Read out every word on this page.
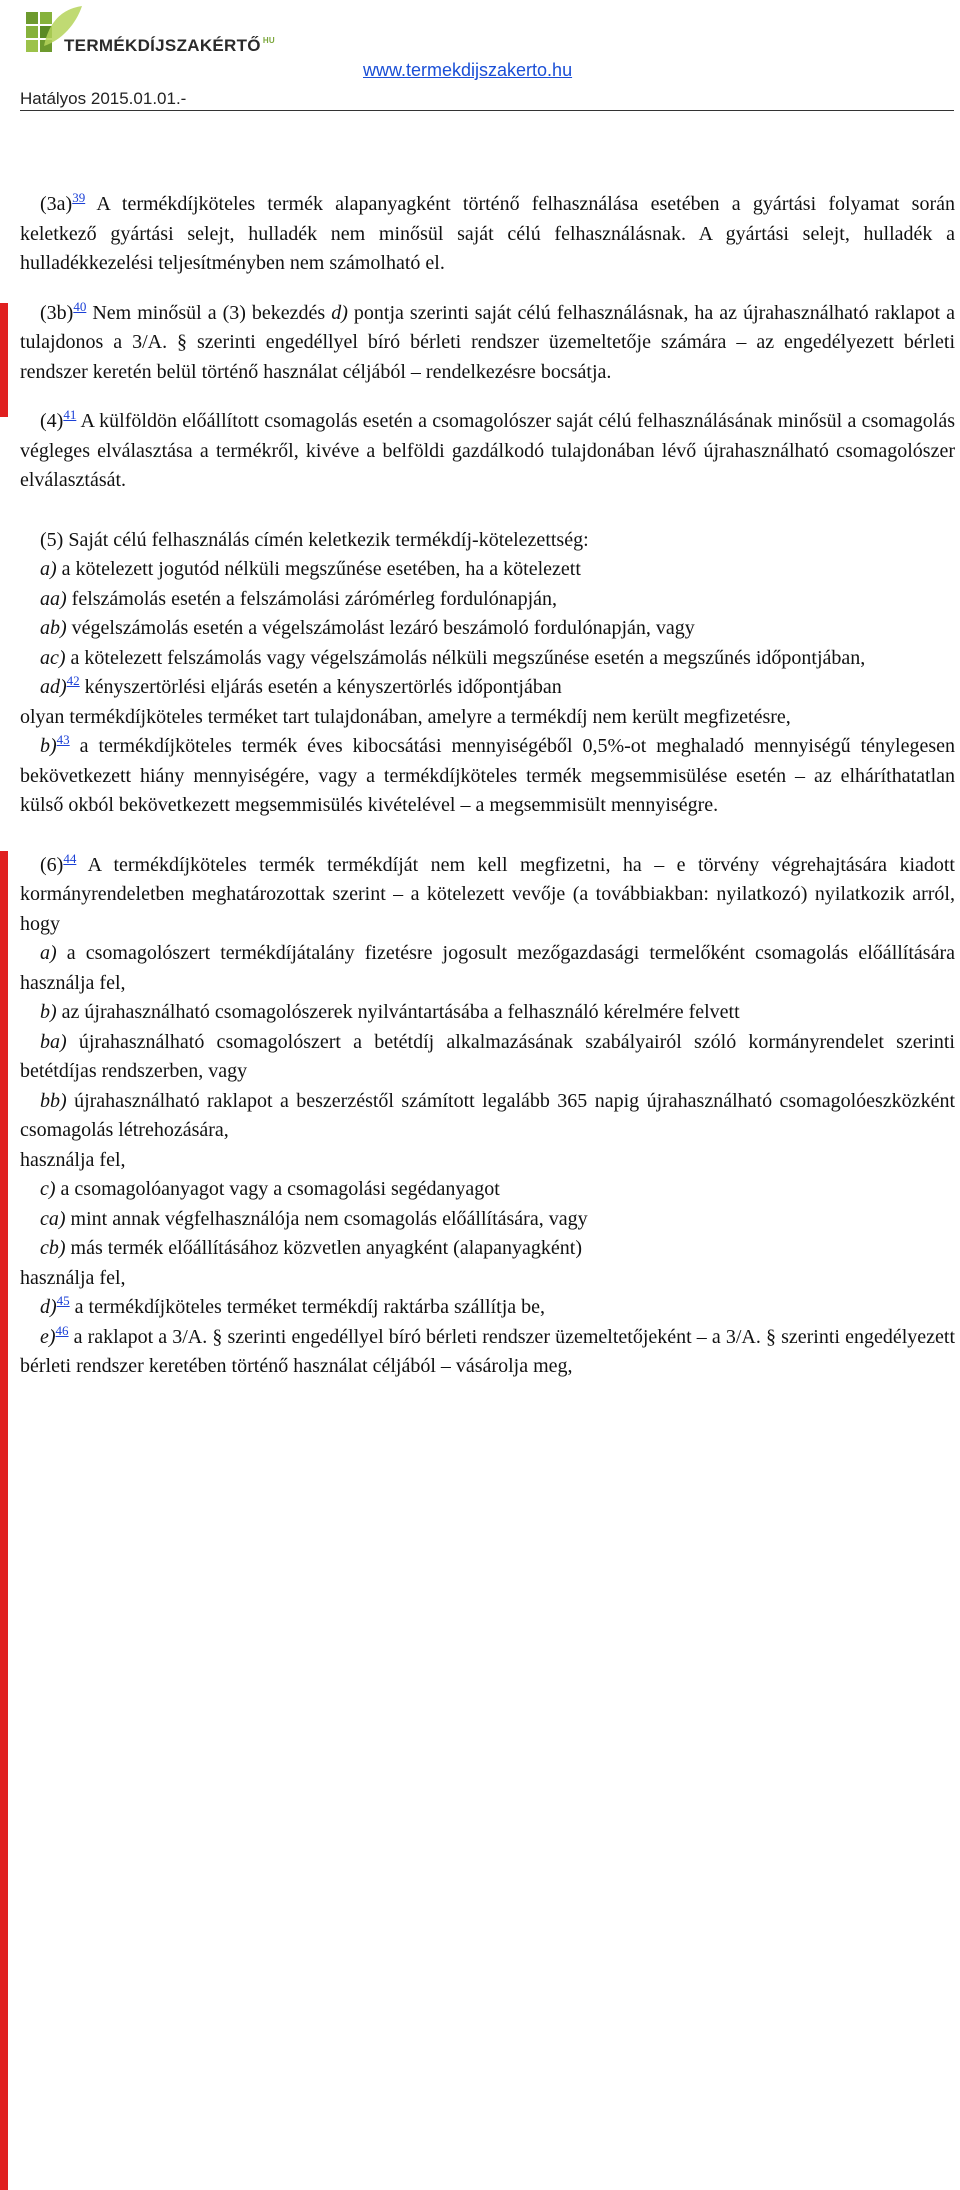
TERMÉKDÍJSZAKÉRTŐ $^{HU}$
www.termekdijszakerto.hu
Hatályos 2015.01.01.-

$(3a)^{39}$ A termékdíjköteles termék alapanyagként történő felhasználása esetében a gyártási folyamat során keletkező gyártási selejt, hulladék nem minősül saját célú felhasználásnak. A gyártási selejt, hulladék a hulladékkezelési teljesítményben nem számolható el.

$(3b)^{40}$ Nem minősül a (3) bekezdés d) pontja szerinti saját célú felhasználásnak, ha az újrahasználható raklapot a tulajdonos a 3/A. § szerinti engedéllyel bíró bérleti rendszer üzemeltetője számára – az engedélyezett bérleti rendszer keretén belül történő használat céljából – rendelkezésre bocsátja.

$(4)^{41}$ A külföldön előállított csomagolás esetén a csomagolószer saját célú felhasználásának minősül a csomagolás végleges elválasztása a termékről, kivéve a belföldi gazdálkodó tulajdonában lévő újrahasználható csomagolószer elválasztását.

(5) Saját célú felhasználás címén keletkezik termékdíj-kötelezettség:

a) a kötelezett jogutód nélküli megszűnése esetében, ha a kötelezett

aa) felszámolás esetén a felszámolási zárómérleg fordulónapján,

ab) végelszámolás esetén a végelszámolást lezáró beszámoló fordulónapján, vagy

ac) a kötelezett felszámolás vagy végelszámolás nélküli megszűnése esetén a megszűnés időpontjában,

ad)$^{42}$ kényszertörlési eljárás esetén a kényszertörlés időpontjában

olyan termékdíjköteles terméket tart tulajdonában, amelyre a termékdíj nem került megfizetésre,

b)$^{43}$ a termékdíjköteles termék éves kibocsátási mennyiségéből 0,5%-ot meghaladó mennyiségű ténylegesen bekövetkezett hiány mennyiségére, vagy a termékdíjköteles termék megsemmisülése esetén – az elháríthatatlan külső okból bekövetkezett megsemmisülés kivételével – a megsemmisült mennyiségre.

$(6)^{44}$ A termékdíjköteles termék termékdíját nem kell megfizetni, ha – e törvény végrehajtására kiadott kormányrendeletben meghatározottak szerint – a kötelezett vevője (a továbbiakban: nyilatkozó) nyilatkozik arról, hogy

a) a csomagolószert termékdíjátalány fizetésre jogosult mezőgazdasági termelőként csomagolás előállítására használja fel,

b) az újrahasználható csomagolószerek nyilvántartásába a felhasználó kérelmére felvett

ba) újrahasználható csomagolószert a betétdíj alkalmazásának szabályairól szóló kormányrendelet szerinti betétdíjas rendszerben, vagy

bb) újrahasználható raklapot a beszerzéstől számított legalább 365 napig újrahasználható csomagolóeszközként csomagolás létrehozására,

használja fel,

c) a csomagolóanyagot vagy a csomagolási segédanyagot

ca) mint annak végfelhasználója nem csomagolás előállítására, vagy

cb) más termék előállításához közvetlen anyagként (alapanyagként)

használja fel,

d)$^{45}$ a termékdíjköteles terméket termékdíj raktárba szállítja be,

e)$^{46}$ a raklapot a 3/A. § szerinti engedéllyel bíró bérleti rendszer üzemeltetőjeként – a 3/A. § szerinti engedélyezett bérleti rendszer keretében történő használat céljából – vásárolja meg,
